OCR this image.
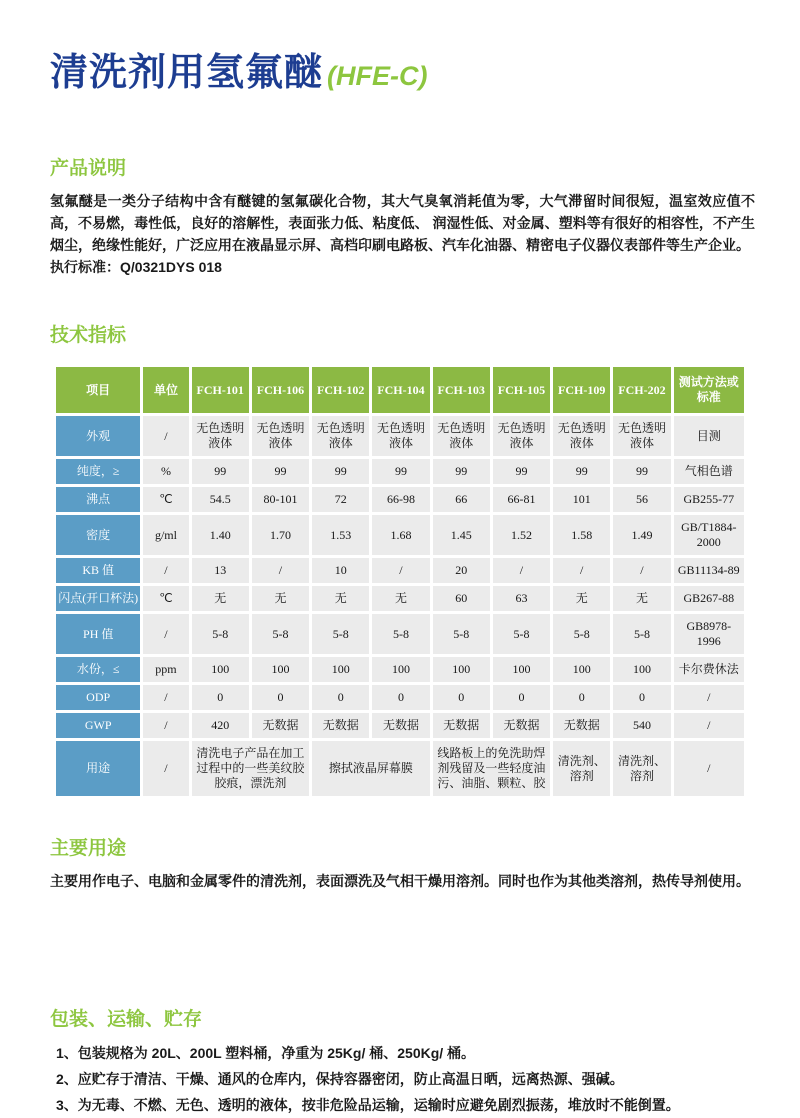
清洗剂用氢氟醚 (HFE-C)
产品说明

氢氟醚是一类分子结构中含有醚键的氢氟碳化合物，其大气臭氧消耗值为零，大气滞留时间很短，温室效应值不高，不易燃，毒性低，良好的溶解性，表面张力低、粘度低、 润湿性低、对金属、塑料等有很好的相容性，不产生烟尘，绝缘性能好，广泛应用在液晶显示屏、高档印刷电路板、汽车化油器、精密电子仪器仪表部件等生产企业。

执行标准：Q/0321DYS 018

技术指标
项目	单位	FCH-101	FCH-106	FCH-102	FCH-104	FCH-103	FCH-105	FCH-109	FCH-202	测试方法或标准
外观	/	无色透明液体	无色透明液体	无色透明液体	无色透明液体	无色透明液体	无色透明液体	无色透明液体	无色透明液体	目测
纯度，≥	%	99	99	99	99	99	99	99	99	气相色谱
沸点	℃	54.5	80-101	72	66-98	66	66-81	101	56	GB255-77
密度	g/ml	1.40	1.70	1.53	1.68	1.45	1.52	1.58	1.49	GB/T1884-2000
KB 值	/	13	/	10	/	20	/	/	/	GB11134-89
闪点(开口杯法)	℃	无	无	无	无	60	63	无	无	GB267-88
PH 值	/	5-8	5-8	5-8	5-8	5-8	5-8	5-8	5-8	GB8978-1996
水份，≤	ppm	100	100	100	100	100	100	100	100	卡尔费休法
ODP	/	0	0	0	0	0	0	0	0	/
GWP	/	420	无数据	无数据	无数据	无数据	无数据	无数据	540	/
用途	/	清洗电子产品在加工过程中的一些美纹胶胶痕，漂洗剂		擦拭液晶屏幕膜		线路板上的免洗助焊剂残留及一些轻度油污、油脂、颗粒、胶		清洗剂、溶剂	清洗剂、溶剂	/
主要用途

主要用作电子、电脑和金属零件的清洗剂，表面漂洗及气相干燥用溶剂。同时也作为其他类溶剂，热传导剂使用。

包装、运输、贮存
1、包装规格为 20L、200L 塑料桶，净重为 25Kg/ 桶、250Kg/ 桶。
2、应贮存于清洁、干燥、通风的仓库内，保持容器密闭，防止高温日晒，远离热源、强碱。
3、为无毒、不燃、无色、透明的液体，按非危险品运输，运输时应避免剧烈振荡，堆放时不能倒置。
